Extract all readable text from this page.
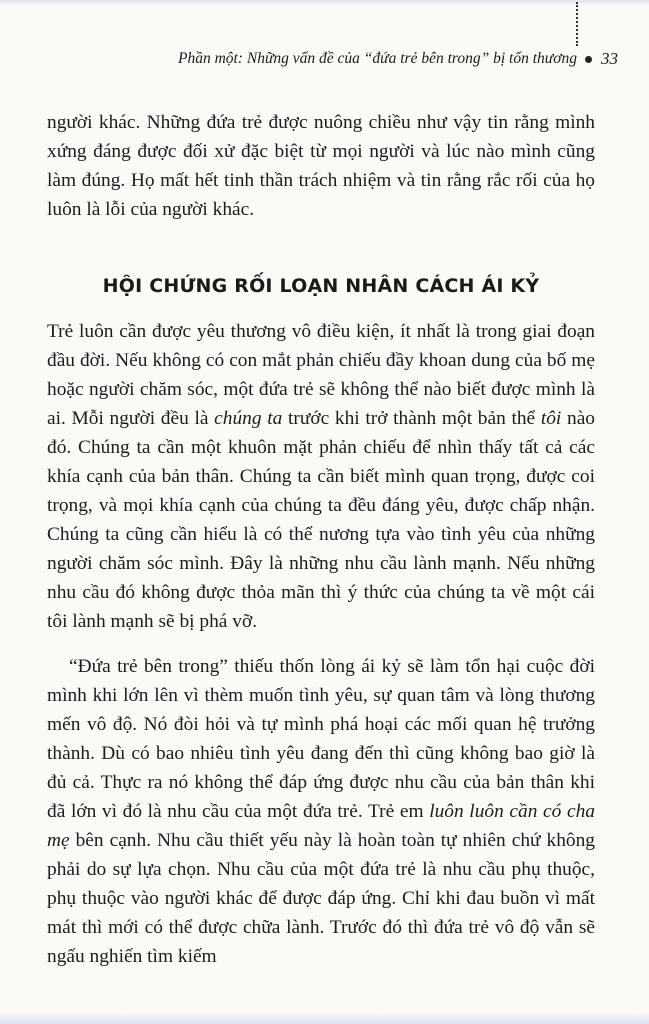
Phần một: Những vấn đề của “đứa trẻ bên trong” bị tổn thương 33

người khác. Những đứa trẻ được nuông chiều như vậy tin rằng mình xứng đáng được đối xử đặc biệt từ mọi người và lúc nào mình cũng làm đúng. Họ mất hết tinh thần trách nhiệm và tin rằng rắc rối của họ luôn là lỗi của người khác.

HỘI CHỨNG RỐI LOẠN NHÂN CÁCH ÁI KỶ

Trẻ luôn cần được yêu thương vô điều kiện, ít nhất là trong giai đoạn đầu đời. Nếu không có con mắt phản chiếu đầy khoan dung của bố mẹ hoặc người chăm sóc, một đứa trẻ sẽ không thể nào biết được mình là ai. Mỗi người đều là chúng ta trước khi trở thành một bản thể tôi nào đó. Chúng ta cần một khuôn mặt phản chiếu để nhìn thấy tất cả các khía cạnh của bản thân. Chúng ta cần biết mình quan trọng, được coi trọng, và mọi khía cạnh của chúng ta đều đáng yêu, được chấp nhận. Chúng ta cũng cần hiểu là có thể nương tựa vào tình yêu của những người chăm sóc mình. Đây là những nhu cầu lành mạnh. Nếu những nhu cầu đó không được thỏa mãn thì ý thức của chúng ta về một cái tôi lành mạnh sẽ bị phá vỡ.

“Đứa trẻ bên trong” thiếu thốn lòng ái kỷ sẽ làm tổn hại cuộc đời mình khi lớn lên vì thèm muốn tình yêu, sự quan tâm và lòng thương mến vô độ. Nó đòi hỏi và tự mình phá hoại các mối quan hệ trưởng thành. Dù có bao nhiêu tình yêu đang đến thì cũng không bao giờ là đủ cả. Thực ra nó không thể đáp ứng được nhu cầu của bản thân khi đã lớn vì đó là nhu cầu của một đứa trẻ. Trẻ em luôn luôn cần có cha mẹ bên cạnh. Nhu cầu thiết yếu này là hoàn toàn tự nhiên chứ không phải do sự lựa chọn. Nhu cầu của một đứa trẻ là nhu cầu phụ thuộc, phụ thuộc vào người khác để được đáp ứng. Chỉ khi đau buồn vì mất mát thì mới có thể được chữa lành. Trước đó thì đứa trẻ vô độ vẫn sẽ ngấu nghiến tìm kiếm
